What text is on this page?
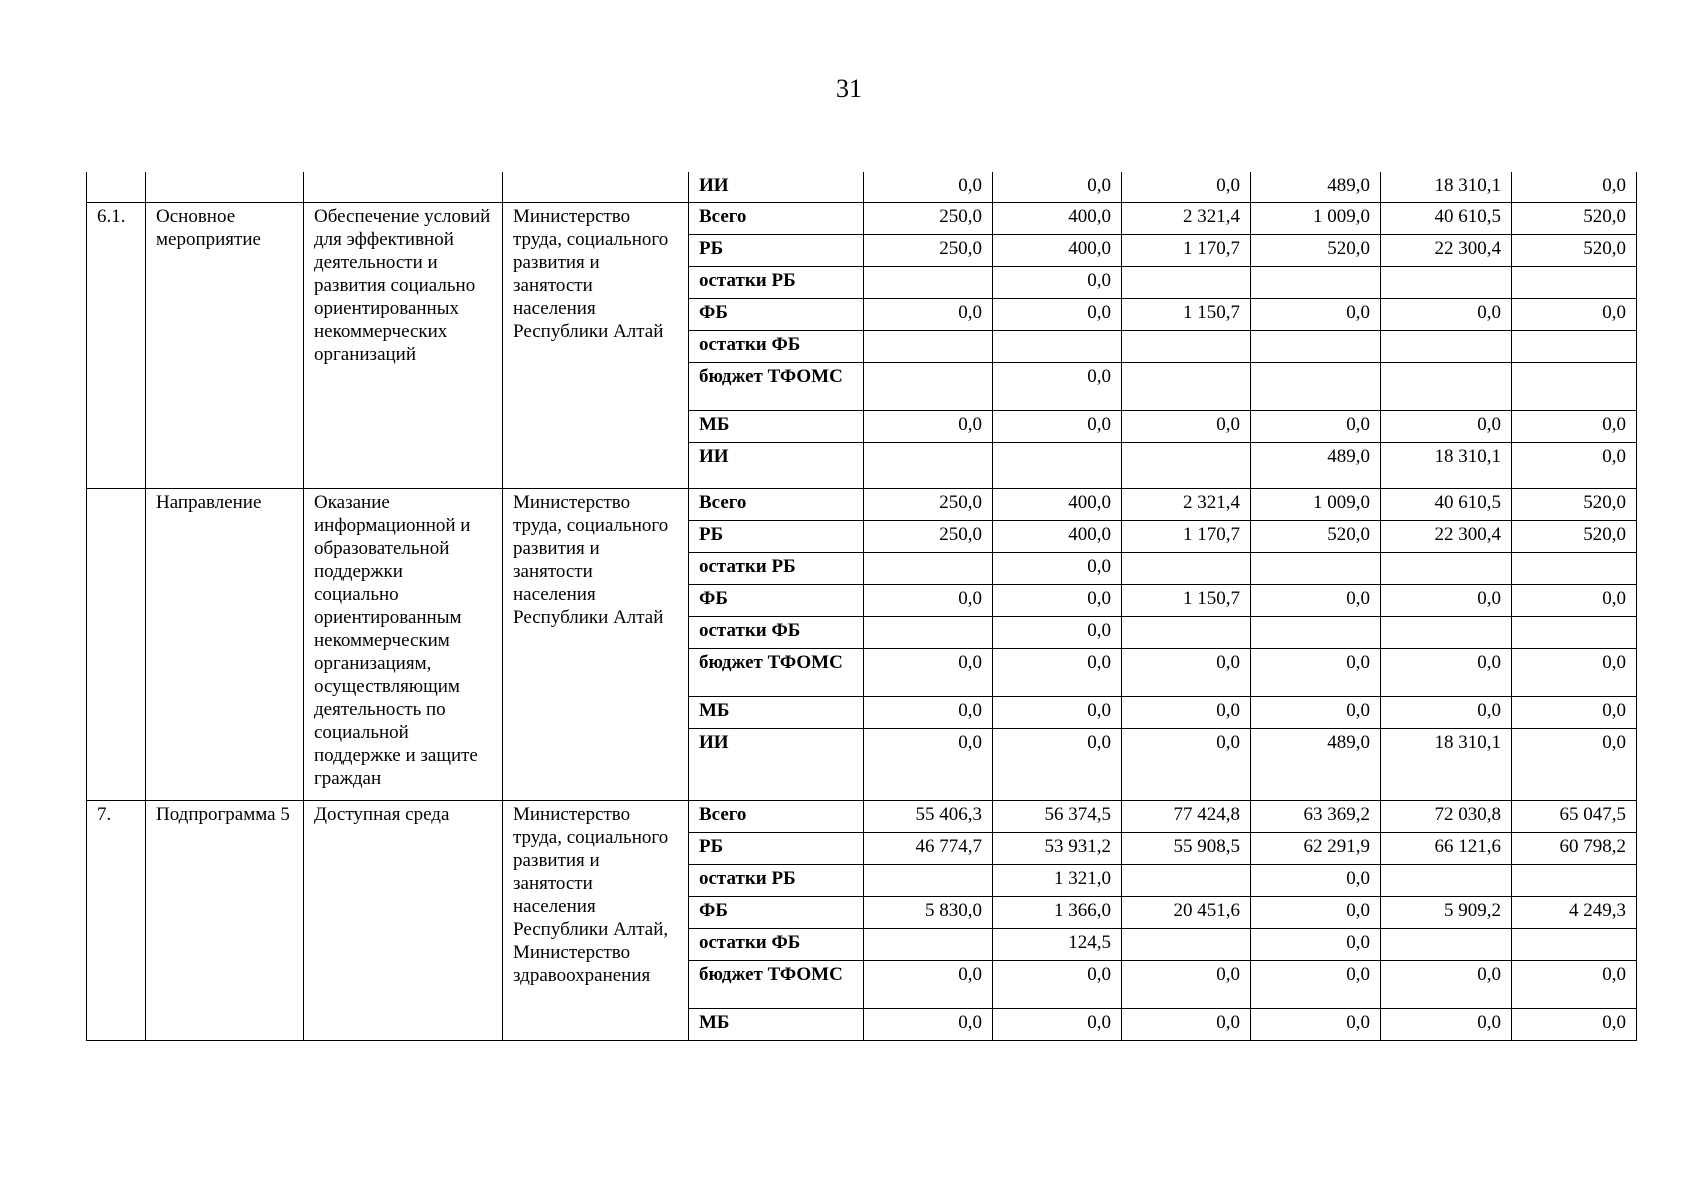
31
				ИИ	0,0	0,0	0,0	489,0	18 310,1	0,0
6.1.	Основное мероприятие	Обеспечение условий для эффективной деятельности и развития социально ориентированных некоммерческих организаций	Министерство труда, социального развития и занятости населения Республики Алтай	Всего	250,0	400,0	2 321,4	1 009,0	40 610,5	520,0
				РБ	250,0	400,0	1 170,7	520,0	22 300,4	520,0
				остатки РБ		0,0				
				ФБ	0,0	0,0	1 150,7	0,0	0,0	0,0
				остатки ФБ						
				бюджет ТФОМС		0,0				
				МБ	0,0	0,0	0,0	0,0	0,0	0,0
				ИИ				489,0	18 310,1	0,0
	Направление	Оказание информационной и образовательной поддержки социально ориентированным некоммерческим организациям, осуществляющим деятельность по социальной поддержке и защите граждан	Министерство труда, социального развития и занятости населения Республики Алтай	Всего	250,0	400,0	2 321,4	1 009,0	40 610,5	520,0
				РБ	250,0	400,0	1 170,7	520,0	22 300,4	520,0
				остатки РБ		0,0				
				ФБ	0,0	0,0	1 150,7	0,0	0,0	0,0
				остатки ФБ		0,0				
				бюджет ТФОМС	0,0	0,0	0,0	0,0	0,0	0,0
				МБ	0,0	0,0	0,0	0,0	0,0	0,0
				ИИ	0,0	0,0	0,0	489,0	18 310,1	0,0
7.	Подпрограмма 5	Доступная среда	Министерство труда, социального развития и занятости населения Республики Алтай, Министерство здравоохранения	Всего	55 406,3	56 374,5	77 424,8	63 369,2	72 030,8	65 047,5
				РБ	46 774,7	53 931,2	55 908,5	62 291,9	66 121,6	60 798,2
				остатки РБ		1 321,0		0,0		
				ФБ	5 830,0	1 366,0	20 451,6	0,0	5 909,2	4 249,3
				остатки ФБ		124,5		0,0		
				бюджет ТФОМС	0,0	0,0	0,0	0,0	0,0	0,0
				МБ	0,0	0,0	0,0	0,0	0,0	0,0
